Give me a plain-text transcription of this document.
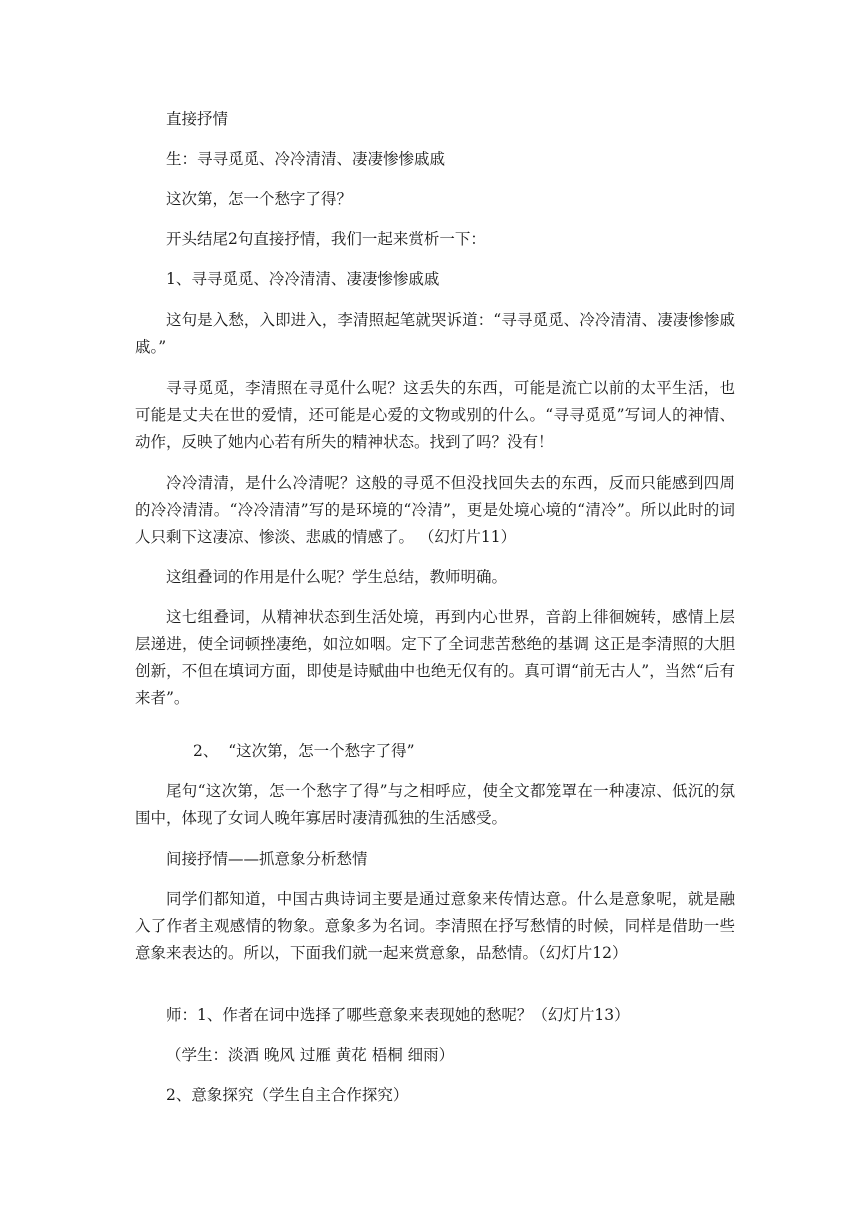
直接抒情

生：寻寻觅觅、冷冷清清、凄凄惨惨戚戚

这次第，怎一个愁字了得？

开头结尾2句直接抒情，我们一起来赏析一下：

1、寻寻觅觅、冷冷清清、凄凄惨惨戚戚

这句是入愁，入即进入，李清照起笔就哭诉道：“寻寻觅觅、冷冷清清、凄凄惨惨戚戚。”

寻寻觅觅，李清照在寻觅什么呢？这丢失的东西，可能是流亡以前的太平生活，也可能是丈夫在世的爱情，还可能是心爱的文物或别的什么。“寻寻觅觅”写词人的神情、动作，反映了她内心若有所失的精神状态。找到了吗？没有！

冷冷清清，是什么冷清呢？这般的寻觅不但没找回失去的东西，反而只能感到四周的冷冷清清。“冷冷清清”写的是环境的“冷清”，更是处境心境的“清冷”。所以此时的词人只剩下这凄凉、惨淡、悲戚的情感了。 （幻灯片11）

这组叠词的作用是什么呢？学生总结，教师明确。

这七组叠词，从精神状态到生活处境，再到内心世界，音韵上徘徊婉转，感情上层层递进，使全词顿挫凄绝，如泣如咽。定下了全词悲苦愁绝的基调 这正是李清照的大胆创新，不但在填词方面，即使是诗赋曲中也绝无仅有的。真可谓“前无古人”，当然“后有来者”。

2、  “这次第，怎一个愁字了得”

尾句“这次第，怎一个愁字了得”与之相呼应，使全文都笼罩在一种凄凉、低沉的氛围中，体现了女词人晚年寡居时凄清孤独的生活感受。

间接抒情——抓意象分析愁情

同学们都知道，中国古典诗词主要是通过意象来传情达意。什么是意象呢，就是融入了作者主观感情的物象。意象多为名词。李清照在抒写愁情的时候，同样是借助一些意象来表达的。所以，下面我们就一起来赏意象，品愁情。（幻灯片12）

师：1、作者在词中选择了哪些意象来表现她的愁呢？（幻灯片13）

（学生：淡酒 晚风 过雁 黄花 梧桐 细雨）

2、意象探究（学生自主合作探究）
